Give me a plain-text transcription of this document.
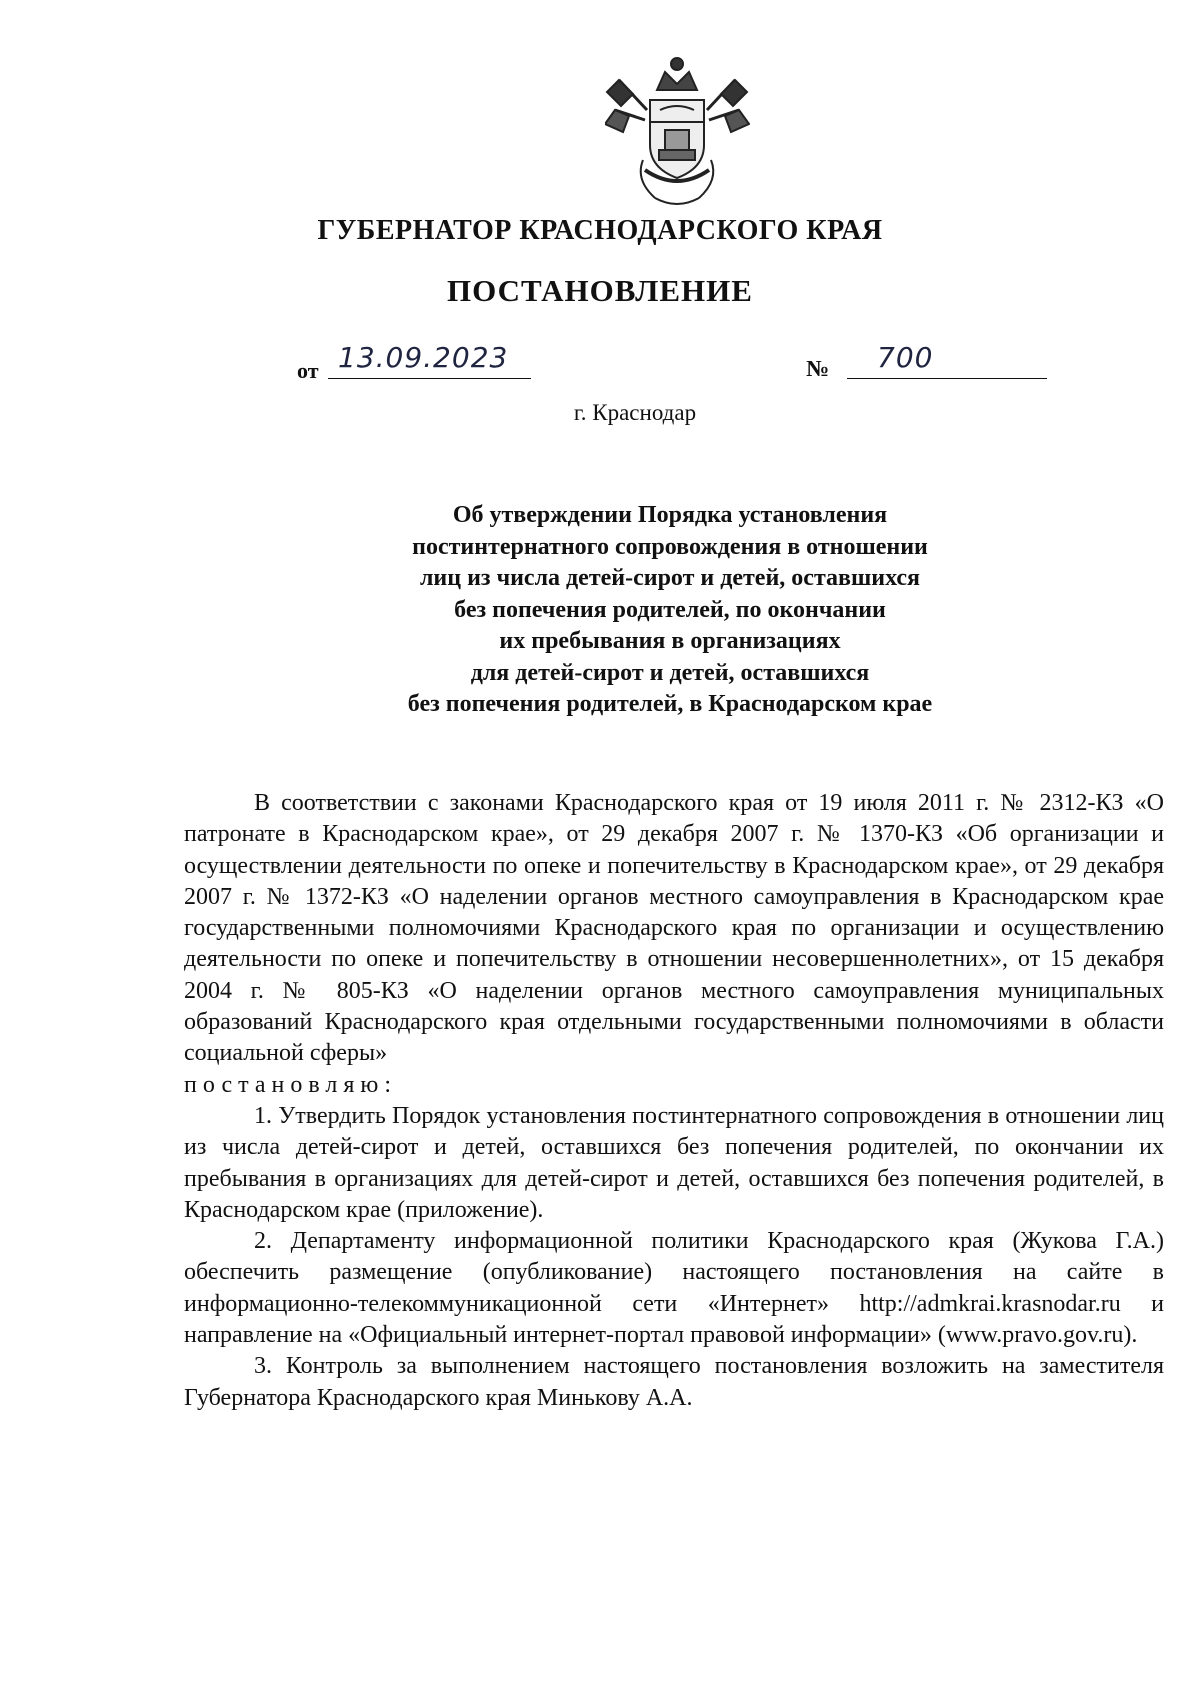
ГУБЕРНАТОР КРАСНОДАРСКОГО КРАЯ
ПОСТАНОВЛЕНИЕ
от 13.09.2023	№	700
г. Краснодар
Об утверждении Порядка установления
постинтернатного сопровождения в отношении
лиц из числа детей-сирот и детей, оставшихся
без попечения родителей, по окончании
их пребывания в организациях
для детей-сирот и детей, оставшихся
без попечения родителей, в Краснодарском крае

В соответствии с законами Краснодарского края от 19 июля 2011 г. № 2312-КЗ «О патронате в Краснодарском крае», от 29 декабря 2007 г. № 1370-КЗ «Об организации и осуществлении деятельности по опеке и попечительству в Краснодарском крае», от 29 декабря 2007 г. № 1372-КЗ «О наделении органов местного самоуправления в Краснодарском крае государственными полномочиями Краснодарского края по организации и осуществлению деятельности по опеке и попечительству в отношении несовершеннолетних», от 15 декабря 2004 г. № 805-КЗ «О наделении органов местного самоуправления муниципальных образований Краснодарского края отдельными государственными полномочиями в области социальной сферы»

постановляю:

1. Утвердить Порядок установления постинтернатного сопровождения в отношении лиц из числа детей-сирот и детей, оставшихся без попечения родителей, по окончании их пребывания в организациях для детей-сирот и детей, оставшихся без попечения родителей, в Краснодарском крае (приложение).

2. Департаменту информационной политики Краснодарского края (Жукова Г.А.) обеспечить размещение (опубликование) настоящего постановления на сайте в информационно-телекоммуникационной сети «Интернет» http://admkrai.krasnodar.ru и направление на «Официальный интернет-портал правовой информации» (www.pravo.gov.ru).

3. Контроль за выполнением настоящего постановления возложить на заместителя Губернатора Краснодарского края Минькову А.А.
